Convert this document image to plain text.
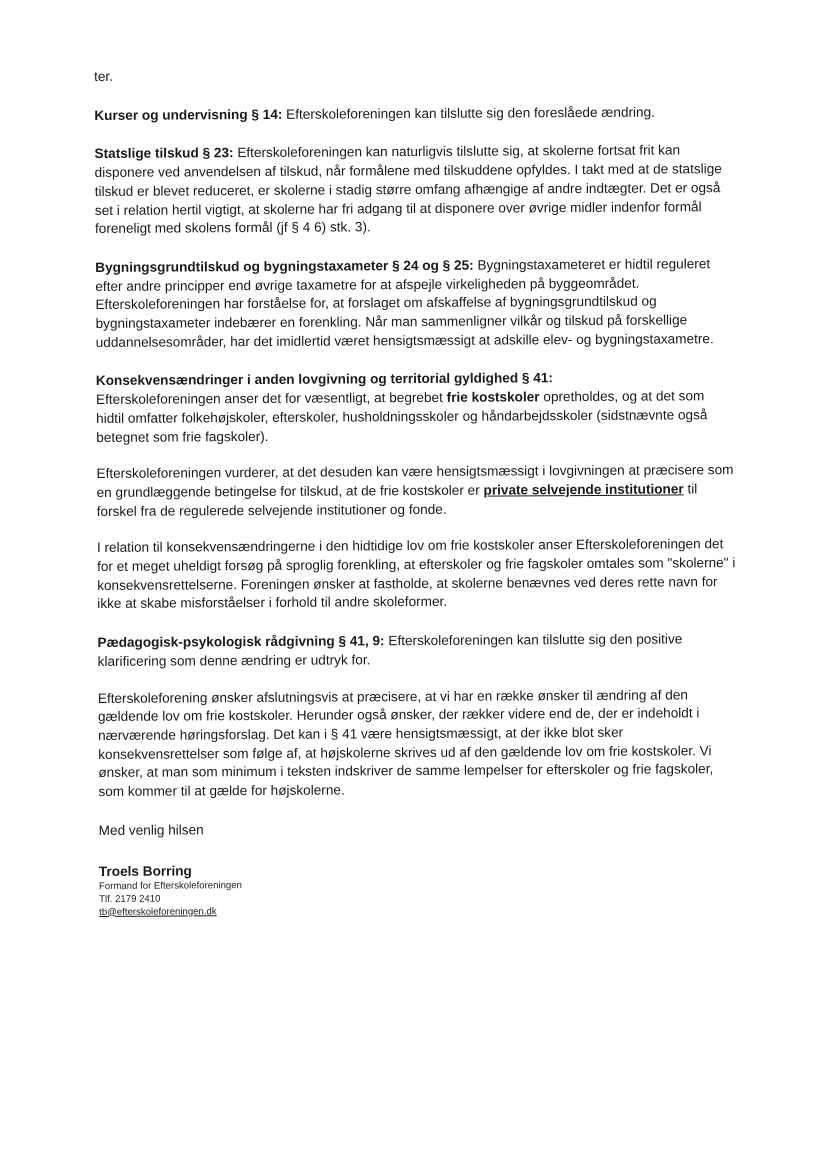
ter.

Kurser og undervisning § 14: Efterskoleforeningen kan tilslutte sig den foreslåede ændring.

Statslige tilskud § 23: Efterskoleforeningen kan naturligvis tilslutte sig, at skolerne fortsat frit kan disponere ved anvendelsen af tilskud, når formålene med tilskuddene opfyldes. I takt med at de statslige tilskud er blevet reduceret, er skolerne i stadig større omfang afhængige af andre indtægter. Det er også set i relation hertil vigtigt, at skolerne har fri adgang til at disponere over øvrige midler indenfor formål foreneligt med skolens formål (jf § 4 6) stk. 3).

Bygningsgrundtilskud og bygningstaxameter § 24 og § 25: Bygningstaxameteret er hidtil reguleret efter andre principper end øvrige taxametre for at afspejle virkeligheden på byggeområdet. Efterskoleforeningen har forståelse for, at forslaget om afskaffelse af bygningsgrundtilskud og bygningstaxameter indebærer en forenkling. Når man sammenligner vilkår og tilskud på forskellige uddannelsesområder, har det imidlertid været hensigtsmæssigt at adskille elev- og bygningstaxametre.

Konsekvensændringer i anden lovgivning og territorial gyldighed § 41:
Efterskoleforeningen anser det for væsentligt, at begrebet frie kostskoler opretholdes, og at det som hidtil omfatter folkehøjskoler, efterskoler, husholdningsskoler og håndarbejdsskoler (sidstnævnte også betegnet som frie fagskoler).

Efterskoleforeningen vurderer, at det desuden kan være hensigtsmæssigt i lovgivningen at præcisere som en grundlæggende betingelse for tilskud, at de frie kostskoler er private selvejende institutioner til forskel fra de regulerede selvejende institutioner og fonde.

I relation til konsekvensændringerne i den hidtidige lov om frie kostskoler anser Efterskoleforeningen det for et meget uheldigt forsøg på sproglig forenkling, at efterskoler og frie fagskoler omtales som "skolerne" i konsekvensrettelserne. Foreningen ønsker at fastholde, at skolerne benævnes ved deres rette navn for ikke at skabe misforståelser i forhold til andre skoleformer.

Pædagogisk-psykologisk rådgivning § 41, 9: Efterskoleforeningen kan tilslutte sig den positive klarificering som denne ændring er udtryk for.

Efterskoleforening ønsker afslutningsvis at præcisere, at vi har en række ønsker til ændring af den gældende lov om frie kostskoler. Herunder også ønsker, der rækker videre end de, der er indeholdt i nærværende høringsforslag. Det kan i § 41 være hensigtsmæssigt, at der ikke blot sker konsekvensrettelser som følge af, at højskolerne skrives ud af den gældende lov om frie kostskoler. Vi ønsker, at man som minimum i teksten indskriver de samme lempelser for efterskoler og frie fagskoler, som kommer til at gælde for højskolerne.

Med venlig hilsen

Troels Borring

Formand for Efterskoleforeningen

Tlf. 2179 2410

tb@efterskoleforeningen.dk
